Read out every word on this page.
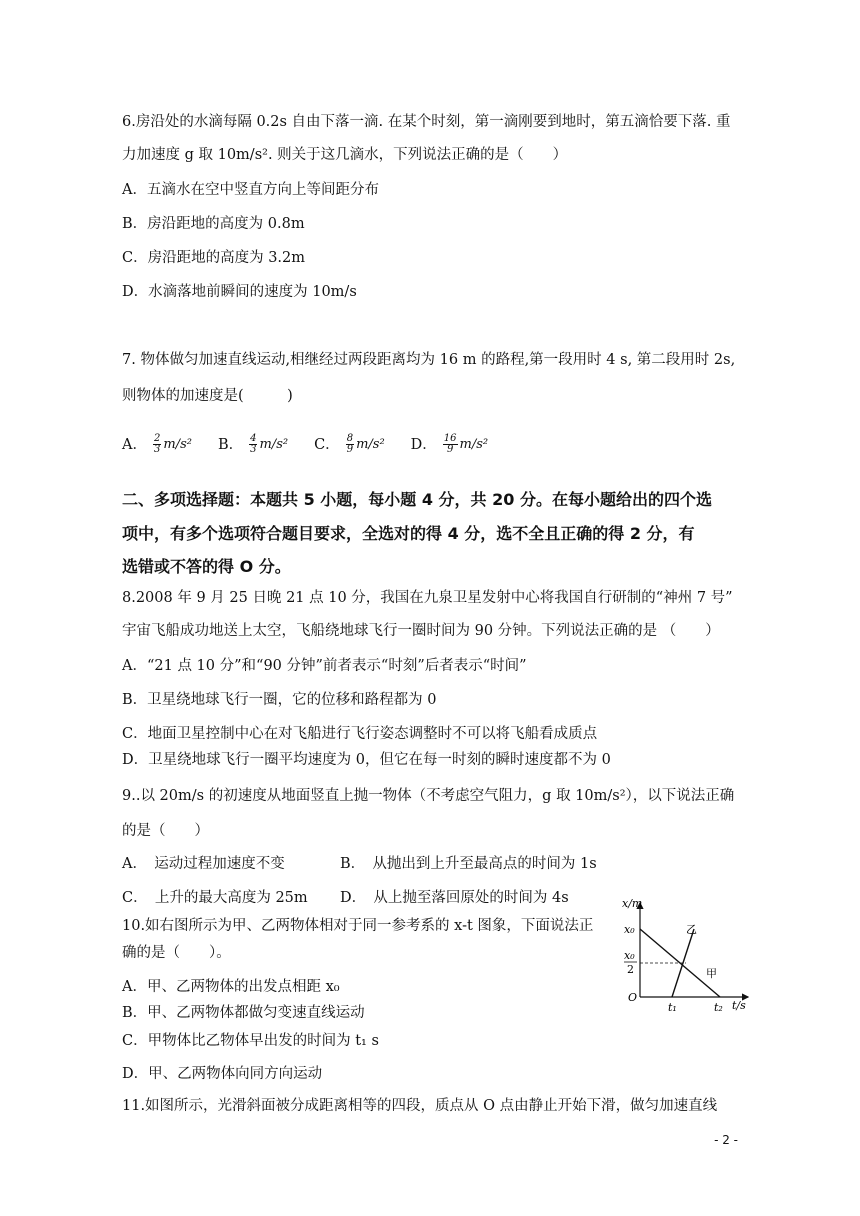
6.房沿处的水滴每隔 0.2s 自由下落一滴. 在某个时刻，第一滴刚要到地时，第五滴恰要下落. 重
力加速度 g 取 10m/s². 则关于这几滴水，下列说法正确的是（　　）
A．五滴水在空中竖直方向上等间距分布
B．房沿距地的高度为 0.8m
C．房沿距地的高度为 3.2m
D．水滴落地前瞬间的速度为 10m/s
7. 物体做匀加速直线运动,相继经过两段距离均为 16 m 的路程,第一段用时 4 s, 第二段用时 2s,
则物体的加速度是(　　　)
A． $\frac{2}{3} m/s^2$ B． $\frac{4}{3} m/s^2$ C． $\frac{8}{9} m/s^2$ D． $\frac{16}{9} m/s^2$
二、多项选择题：本题共 5 小题，每小题 4 分，共 20 分。在每小题给出的四个选
项中，有多个选项符合题目要求，全选对的得 4 分，选不全且正确的得 2 分，有
选错或不答的得 O 分。
8.2008 年 9 月 25 日晚 21 点 10 分，我国在九泉卫星发射中心将我国自行研制的“神州 7 号”
宇宙飞船成功地送上太空，飞船绕地球飞行一圈时间为 90 分钟。下列说法正确的是 （　　）
A．“21 点 10 分”和“90 分钟”前者表示“时刻”后者表示“时间”
B．卫星绕地球飞行一圈，它的位移和路程都为 0
C．地面卫星控制中心在对飞船进行飞行姿态调整时不可以将飞船看成质点
D．卫星绕地球飞行一圈平均速度为 0，但它在每一时刻的瞬时速度都不为 0
9..以 20m/s 的初速度从地面竖直上抛一物体（不考虑空气阻力，g 取 10m/s²），以下说法正确
的是（　　）
A．　运动过程加速度不变	B．　从抛出到上升至最高点的时间为 1s
C．　上升的最大高度为 25m D．　从上抛至落回原处的时间为 4s
10.如右图所示为甲、乙两物体相对于同一参考系的 x-t 图象，下面说法正
确的是（　　）。
A．甲、乙两物体的出发点相距 x₀
B．甲、乙两物体都做匀变速直线运动
C．甲物体比乙物体早出发的时间为 t₁ s
D．甲、乙两物体向同方向运动
x/m
t/s
O
x₀
x₀
2
t₁	t₂
甲
乙
11.如图所示，光滑斜面被分成距离相等的四段，质点从 O 点由静止开始下滑，做匀加速直线
- 2 -
